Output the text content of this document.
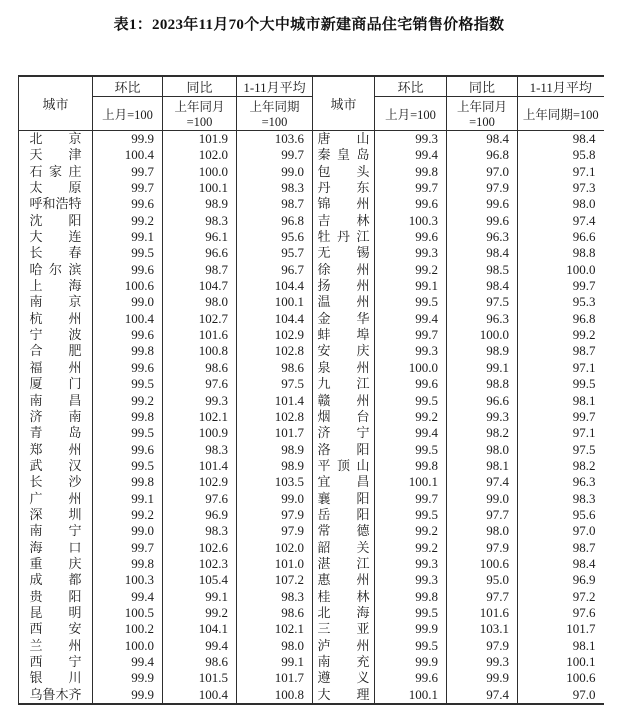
表1：2023年11月70个大中城市新建商品住宅销售价格指数
城市	环比	同比	1-11月平均	城市	环比	同比	1-11月平均
	上月=100	上年同月=100	上年同期=100		上月=100	上年同月=100	上年同期=100

北 京	99.9	101.9	103.6	唐 山	99.3	98.4	98.4

天 津	100.4	102.0	99.7	秦 皇 岛	99.4	96.8	95.8

石 家 庄	99.7	100.0	99.0	包 头	99.8	97.0	97.1

太 原	99.7	100.1	98.3	丹 东	99.7	97.9	97.3

呼 和 浩 特	99.6	98.9	98.7	锦 州	99.6	99.6	98.0

沈 阳	99.2	98.3	96.8	吉 林	100.3	99.6	97.4

大 连	99.1	96.1	95.6	牡 丹 江	99.6	96.3	96.6

长 春	99.5	96.6	95.7	无 锡	99.3	98.4	98.8

哈 尔 滨	99.6	98.7	96.7	徐 州	99.2	98.5	100.0

上 海	100.6	104.7	104.4	扬 州	99.1	98.4	99.7

南 京	99.0	98.0	100.1	温 州	99.5	97.5	95.3

杭 州	100.4	102.7	104.4	金 华	99.4	96.3	96.8

宁 波	99.6	101.6	102.9	蚌 埠	99.7	100.0	99.2

合 肥	99.8	100.8	102.8	安 庆	99.3	98.9	98.7

福 州	99.6	98.6	98.6	泉 州	100.0	99.1	97.1

厦 门	99.5	97.6	97.5	九 江	99.6	98.8	99.5

南 昌	99.2	99.3	101.4	赣 州	99.5	96.6	98.1

济 南	99.8	102.1	102.8	烟 台	99.2	99.3	99.7

青 岛	99.5	100.9	101.7	济 宁	99.4	98.2	97.1

郑 州	99.6	98.3	98.9	洛 阳	99.5	98.0	97.5

武 汉	99.5	101.4	98.9	平 顶 山	99.8	98.1	98.2

长 沙	99.8	102.9	103.5	宜 昌	100.1	97.4	96.3

广 州	99.1	97.6	99.0	襄 阳	99.7	99.0	98.3

深 圳	99.2	96.9	97.9	岳 阳	99.5	97.7	95.6

南 宁	99.0	98.3	97.9	常 德	99.2	98.0	97.0

海 口	99.7	102.6	102.0	韶 关	99.2	97.9	98.7

重 庆	99.8	102.3	101.0	湛 江	99.3	100.6	98.4

成 都	100.3	105.4	107.2	惠 州	99.3	95.0	96.9

贵 阳	99.4	99.1	98.3	桂 林	99.8	97.7	97.2

昆 明	100.5	99.2	98.6	北 海	99.5	101.6	97.6

西 安	100.2	104.1	102.1	三 亚	99.9	103.1	101.7

兰 州	100.0	99.4	98.0	泸 州	99.5	97.9	98.1

西 宁	99.4	98.6	99.1	南 充	99.9	99.3	100.1

银 川	99.9	101.5	101.7	遵 义	99.6	99.9	100.6

乌 鲁 木 齐	99.9	100.4	100.8	大 理	100.1	97.4	97.0
